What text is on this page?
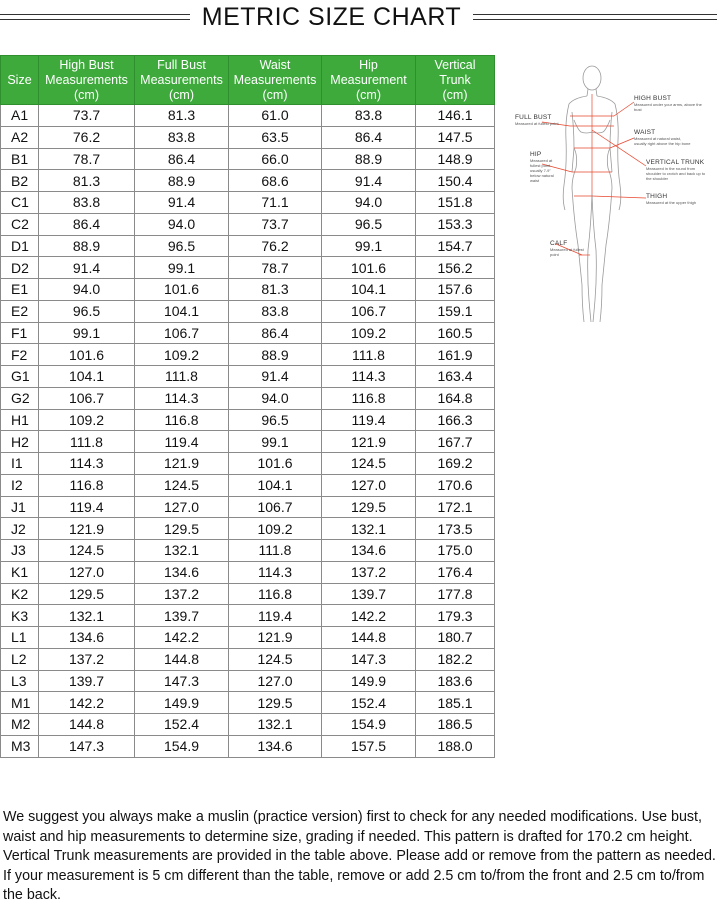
METRIC SIZE CHART
Size	High Bust
Measurements
(cm)	Full Bust
Measurements
(cm)	Waist
Measurements
(cm)	Hip
Measurement
(cm)	Vertical
Trunk
(cm)
A1	73.7	81.3	61.0	83.8	146.1
A2	76.2	83.8	63.5	86.4	147.5
B1	78.7	86.4	66.0	88.9	148.9
B2	81.3	88.9	68.6	91.4	150.4
C1	83.8	91.4	71.1	94.0	151.8
C2	86.4	94.0	73.7	96.5	153.3
D1	88.9	96.5	76.2	99.1	154.7
D2	91.4	99.1	78.7	101.6	156.2
E1	94.0	101.6	81.3	104.1	157.6
E2	96.5	104.1	83.8	106.7	159.1
F1	99.1	106.7	86.4	109.2	160.5
F2	101.6	109.2	88.9	111.8	161.9
G1	104.1	111.8	91.4	114.3	163.4
G2	106.7	114.3	94.0	116.8	164.8
H1	109.2	116.8	96.5	119.4	166.3
H2	111.8	119.4	99.1	121.9	167.7
I1	114.3	121.9	101.6	124.5	169.2
I2	116.8	124.5	104.1	127.0	170.6
J1	119.4	127.0	106.7	129.5	172.1
J2	121.9	129.5	109.2	132.1	173.5
J3	124.5	132.1	111.8	134.6	175.0
K1	127.0	134.6	114.3	137.2	176.4
K2	129.5	137.2	116.8	139.7	177.8
K3	132.1	139.7	119.4	142.2	179.3
L1	134.6	142.2	121.9	144.8	180.7
L2	137.2	144.8	124.5	147.3	182.2
L3	139.7	147.3	127.0	149.9	183.6
M1	142.2	149.9	129.5	152.4	185.1
M2	144.8	152.4	132.1	154.9	186.5
M3	147.3	154.9	134.6	157.5	188.0
HIGH BUST
Measured under your arms, above the bust
FULL BUST
Measured at fullest point
WAIST
Measured at natural waist, usually right above the hip bone
HIP
Measured at fullest point usually 7-9" below natural waist
VERTICAL TRUNK
Measured in the round from shoulder to crotch and back up to the shoulder
THIGH
Measured at the upper thigh
CALF
Measured at fullest point

We suggest you always make a muslin (practice version) first to check for any needed modifications. Use bust, waist and hip measurements to determine size, grading if needed. This pattern is drafted for 170.2 cm height. Vertical Trunk measurements are provided in the table above. Please add or remove from the pattern as needed. If your measurement is 5 cm different than the table, remove or add 2.5 cm to/from the front and 2.5 cm to/from the back.
